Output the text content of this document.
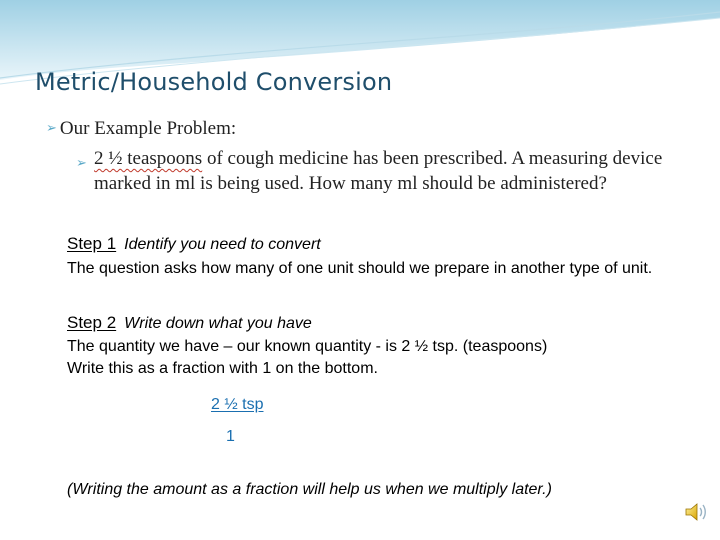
Metric/Household Conversion
➢ Our Example Problem:
➢ 2 ½ teaspoons of cough medicine has been prescribed. A measuring device marked in ml is being used. How many ml should be administered?
Step 1 Identify you need to convert
The question asks how many of one unit should we prepare in another type of unit.
Step 2 Write down what you have
The quantity we have – our known quantity - is 2 ½ tsp. (teaspoons)
Write this as a fraction with 1 on the bottom.
2 ½ tsp
1
(Writing the amount as a fraction will help us when we multiply later.)
